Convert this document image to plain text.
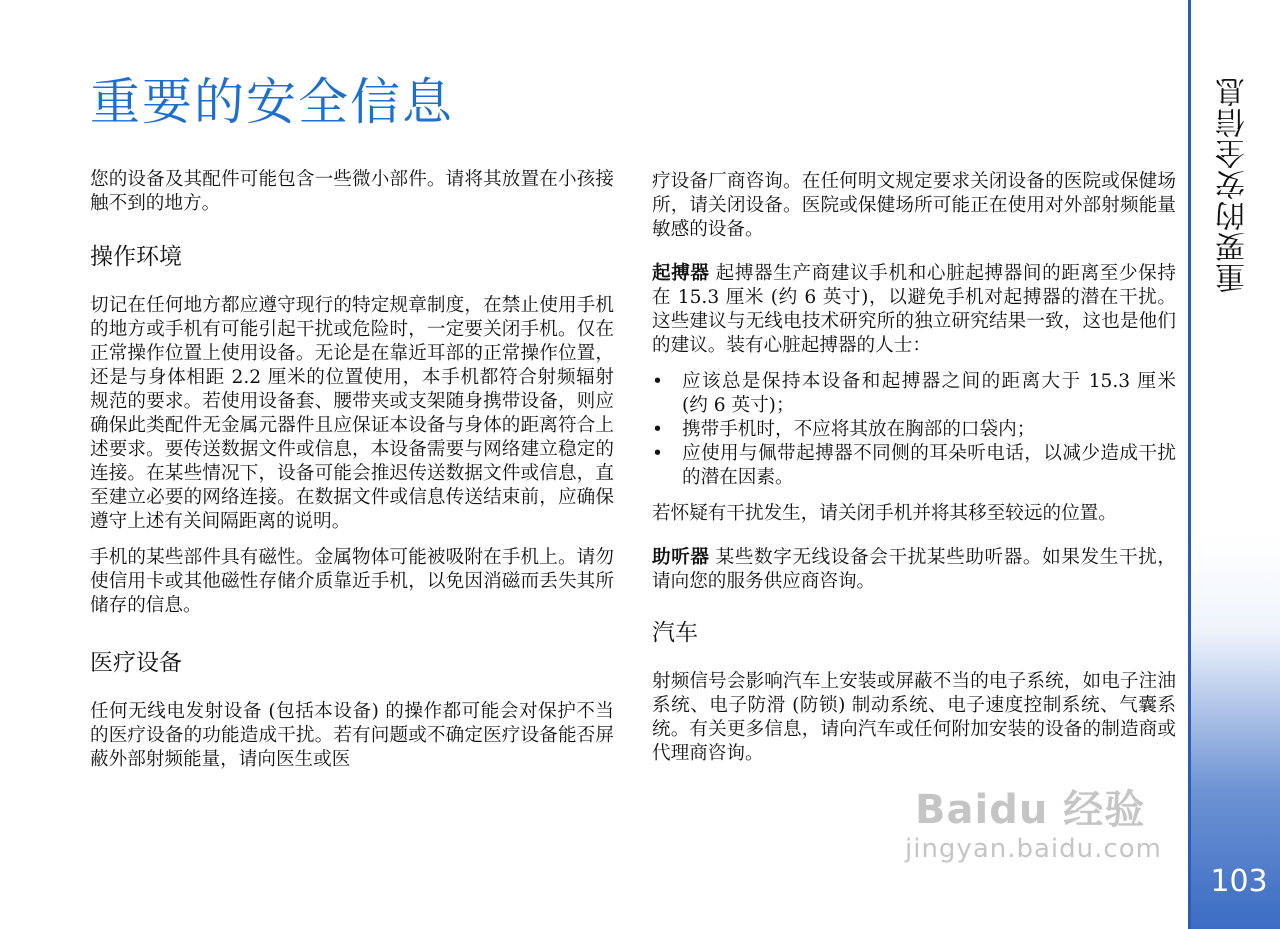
重要的安全信息

您的设备及其配件可能包含一些微小部件。请将其放置在小孩接触不到的地方。

操作环境

切记在任何地方都应遵守现行的特定规章制度，在禁止使用手机的地方或手机有可能引起干扰或危险时，一定要关闭手机。仅在正常操作位置上使用设备。无论是在靠近耳部的正常操作位置，还是与身体相距 2.2 厘米的位置使用，本手机都符合射频辐射规范的要求。若使用设备套、腰带夹或支架随身携带设备，则应确保此类配件无金属元器件且应保证本设备与身体的距离符合上述要求。要传送数据文件或信息，本设备需要与网络建立稳定的连接。在某些情况下，设备可能会推迟传送数据文件或信息，直至建立必要的网络连接。在数据文件或信息传送结束前，应确保遵守上述有关间隔距离的说明。

手机的某些部件具有磁性。金属物体可能被吸附在手机上。请勿使信用卡或其他磁性存储介质靠近手机，以免因消磁而丢失其所储存的信息。

医疗设备

任何无线电发射设备 (包括本设备) 的操作都可能会对保护不当的医疗设备的功能造成干扰。若有问题或不确定医疗设备能否屏蔽外部射频能量，请向医生或医

疗设备厂商咨询。在任何明文规定要求关闭设备的医院或保健场所，请关闭设备。医院或保健场所可能正在使用对外部射频能量敏感的设备。

起搏器 起搏器生产商建议手机和心脏起搏器间的距离至少保持在 15.3 厘米 (约 6 英寸)，以避免手机对起搏器的潜在干扰。这些建议与无线电技术研究所的独立研究结果一致，这也是他们的建议。装有心脏起搏器的人士：

• 应该总是保持本设备和起搏器之间的距离大于 15.3 厘米 (约 6 英寸)；
• 携带手机时，不应将其放在胸部的口袋内；
• 应使用与佩带起搏器不同侧的耳朵听电话，以减少造成干扰的潜在因素。

若怀疑有干扰发生，请关闭手机并将其移至较远的位置。

助听器 某些数字无线设备会干扰某些助听器。如果发生干扰，请向您的服务供应商咨询。

汽车

射频信号会影响汽车上安装或屏蔽不当的电子系统，如电子注油系统、电子防滑 (防锁) 制动系统、电子速度控制系统、气囊系统。有关更多信息，请向汽车或任何附加安装的设备的制造商或代理商咨询。

重要的安全信息
103
Baidu 经验
jingyan.baidu.com
